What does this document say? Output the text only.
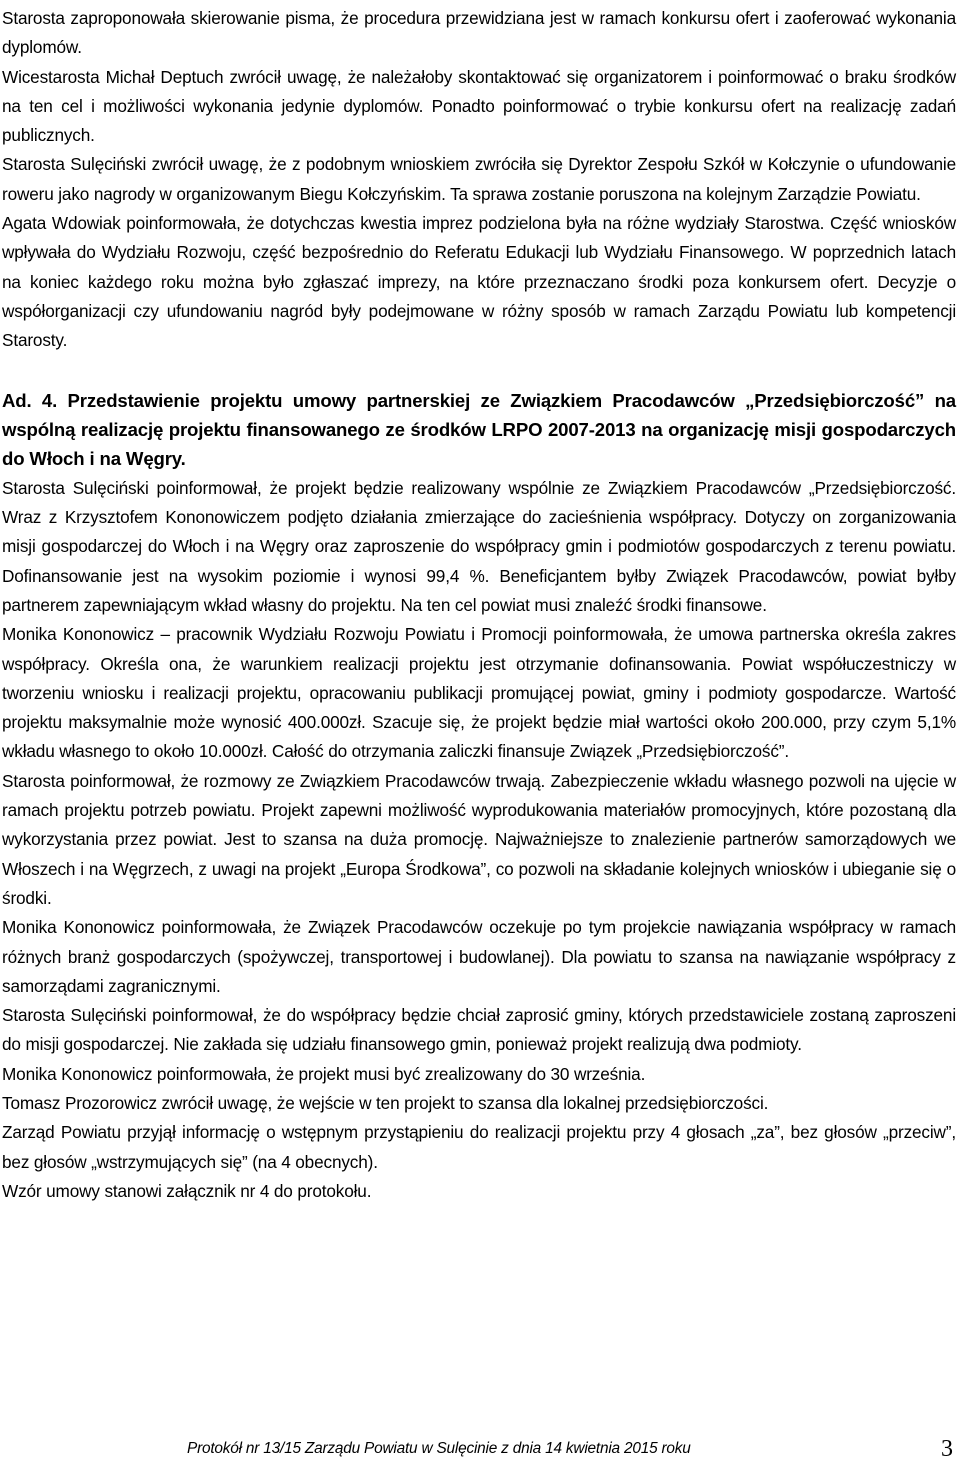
Starosta zaproponowała skierowanie pisma, że procedura przewidziana jest w ramach konkursu ofert i zaoferować wykonania dyplomów.

Wicestarosta Michał Deptuch zwrócił uwagę, że należałoby skontaktować się organizatorem i poinformować o braku środków na ten cel i możliwości wykonania jedynie dyplomów. Ponadto poinformować o trybie konkursu ofert na realizację zadań publicznych.

Starosta Sulęciński zwrócił uwagę, że z podobnym wnioskiem zwróciła się Dyrektor Zespołu Szkół w Kołczynie o ufundowanie roweru jako nagrody w organizowanym Biegu Kołczyńskim. Ta sprawa zostanie poruszona na kolejnym Zarządzie Powiatu.

Agata Wdowiak poinformowała, że dotychczas kwestia imprez podzielona była na różne wydziały Starostwa. Część wniosków wpływała do Wydziału Rozwoju, część bezpośrednio do Referatu Edukacji lub Wydziału Finansowego. W poprzednich latach na koniec każdego roku można było zgłaszać imprezy, na które przeznaczano środki poza konkursem ofert. Decyzje o współorganizacji czy ufundowaniu nagród były podejmowane w różny sposób w ramach Zarządu Powiatu lub kompetencji Starosty.

Ad. 4. Przedstawienie projektu umowy partnerskiej ze Związkiem Pracodawców „Przedsiębiorczość” na wspólną realizację projektu finansowanego ze środków LRPO 2007-2013 na organizację misji gospodarczych do Włoch i na Węgry.

Starosta Sulęciński poinformował, że projekt będzie realizowany wspólnie ze Związkiem Pracodawców „Przedsiębiorczość. Wraz z Krzysztofem Kononowiczem podjęto działania zmierzające do zacieśnienia współpracy. Dotyczy on zorganizowania misji gospodarczej do Włoch i na Węgry oraz zaproszenie do współpracy gmin i podmiotów gospodarczych z terenu powiatu. Dofinansowanie jest na wysokim poziomie i wynosi 99,4 %. Beneficjantem byłby Związek Pracodawców, powiat byłby partnerem zapewniającym wkład własny do projektu. Na ten cel powiat musi znaleźć środki finansowe.

Monika Kononowicz – pracownik Wydziału Rozwoju Powiatu i Promocji poinformowała, że umowa partnerska określa zakres współpracy. Określa ona, że warunkiem realizacji projektu jest otrzymanie dofinansowania. Powiat współuczestniczy w tworzeniu wniosku i realizacji projektu, opracowaniu publikacji promującej powiat, gminy i podmioty gospodarcze. Wartość projektu maksymalnie może wynosić 400.000zł. Szacuje się, że projekt będzie miał wartości około 200.000, przy czym 5,1% wkładu własnego to około 10.000zł. Całość do otrzymania zaliczki finansuje Związek „Przedsiębiorczość”.

Starosta poinformował, że rozmowy ze Związkiem Pracodawców trwają. Zabezpieczenie wkładu własnego pozwoli na ujęcie w ramach projektu potrzeb powiatu. Projekt zapewni możliwość wyprodukowania materiałów promocyjnych, które pozostaną dla wykorzystania przez powiat. Jest to szansa na duża promocję. Najważniejsze to znalezienie partnerów samorządowych we Włoszech i na Węgrzech, z uwagi na projekt „Europa Środkowa”, co pozwoli na składanie kolejnych wniosków i ubieganie się o środki.

Monika Kononowicz poinformowała, że Związek Pracodawców oczekuje po tym projekcie nawiązania współpracy w ramach różnych branż gospodarczych (spożywczej, transportowej i budowlanej). Dla powiatu to szansa na nawiązanie współpracy z samorządami zagranicznymi.

Starosta Sulęciński poinformował, że do współpracy będzie chciał zaprosić gminy, których przedstawiciele zostaną zaproszeni do misji gospodarczej. Nie zakłada się udziału finansowego gmin, ponieważ projekt realizują dwa podmioty.

Monika Kononowicz poinformowała, że projekt musi być zrealizowany do 30 września.

Tomasz Prozorowicz zwrócił uwagę, że wejście w ten projekt to szansa dla lokalnej przedsiębiorczości.

Zarząd Powiatu przyjął informację o wstępnym przystąpieniu do realizacji projektu przy 4 głosach „za”, bez głosów „przeciw”, bez głosów „wstrzymujących się” (na 4 obecnych).

Wzór umowy stanowi załącznik nr 4 do protokołu.

Protokół nr 13/15 Zarządu Powiatu w Sulęcinie z dnia 14 kwietnia 2015 roku	3
